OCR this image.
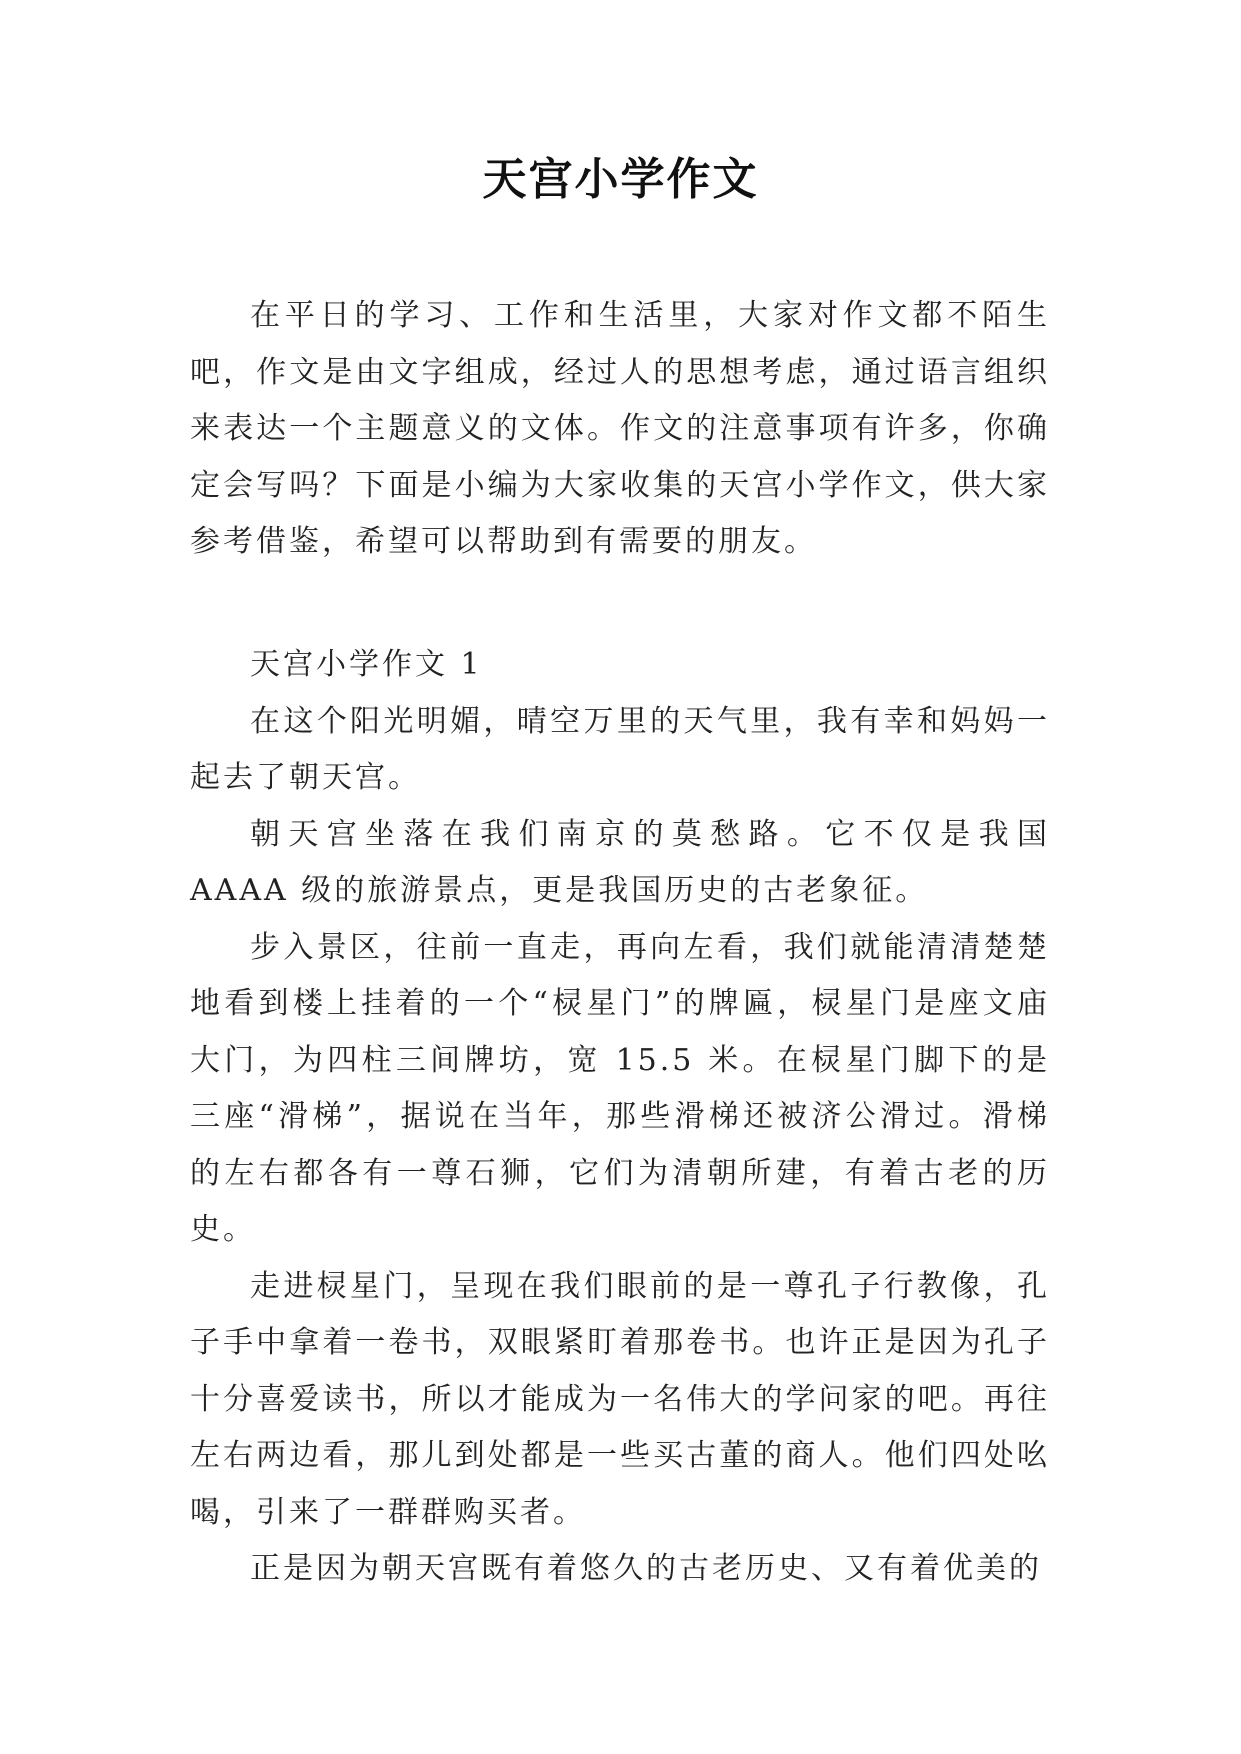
天宫小学作文

在平日的学习、工作和生活里，大家对作文都不陌生吧，作文是由文字组成，经过人的思想考虑，通过语言组织来表达一个主题意义的文体。作文的注意事项有许多，你确定会写吗？下面是小编为大家收集的天宫小学作文，供大家参考借鉴，希望可以帮助到有需要的朋友。

天宫小学作文 1

在这个阳光明媚，晴空万里的天气里，我有幸和妈妈一起去了朝天宫。

朝天宫坐落在我们南京的莫愁路。它不仅是我国 AAAA 级的旅游景点，更是我国历史的古老象征。

步入景区，往前一直走，再向左看，我们就能清清楚楚地看到楼上挂着的一个“棂星门”的牌匾，棂星门是座文庙大门，为四柱三间牌坊，宽 15.5 米。在棂星门脚下的是三座“滑梯”，据说在当年，那些滑梯还被济公滑过。滑梯的左右都各有一尊石狮，它们为清朝所建，有着古老的历史。

走进棂星门，呈现在我们眼前的是一尊孔子行教像，孔子手中拿着一卷书，双眼紧盯着那卷书。也许正是因为孔子十分喜爱读书，所以才能成为一名伟大的学问家的吧。再往左右两边看，那儿到处都是一些买古董的商人。他们四处吆喝，引来了一群群购买者。

正是因为朝天宫既有着悠久的古老历史、又有着优美的
